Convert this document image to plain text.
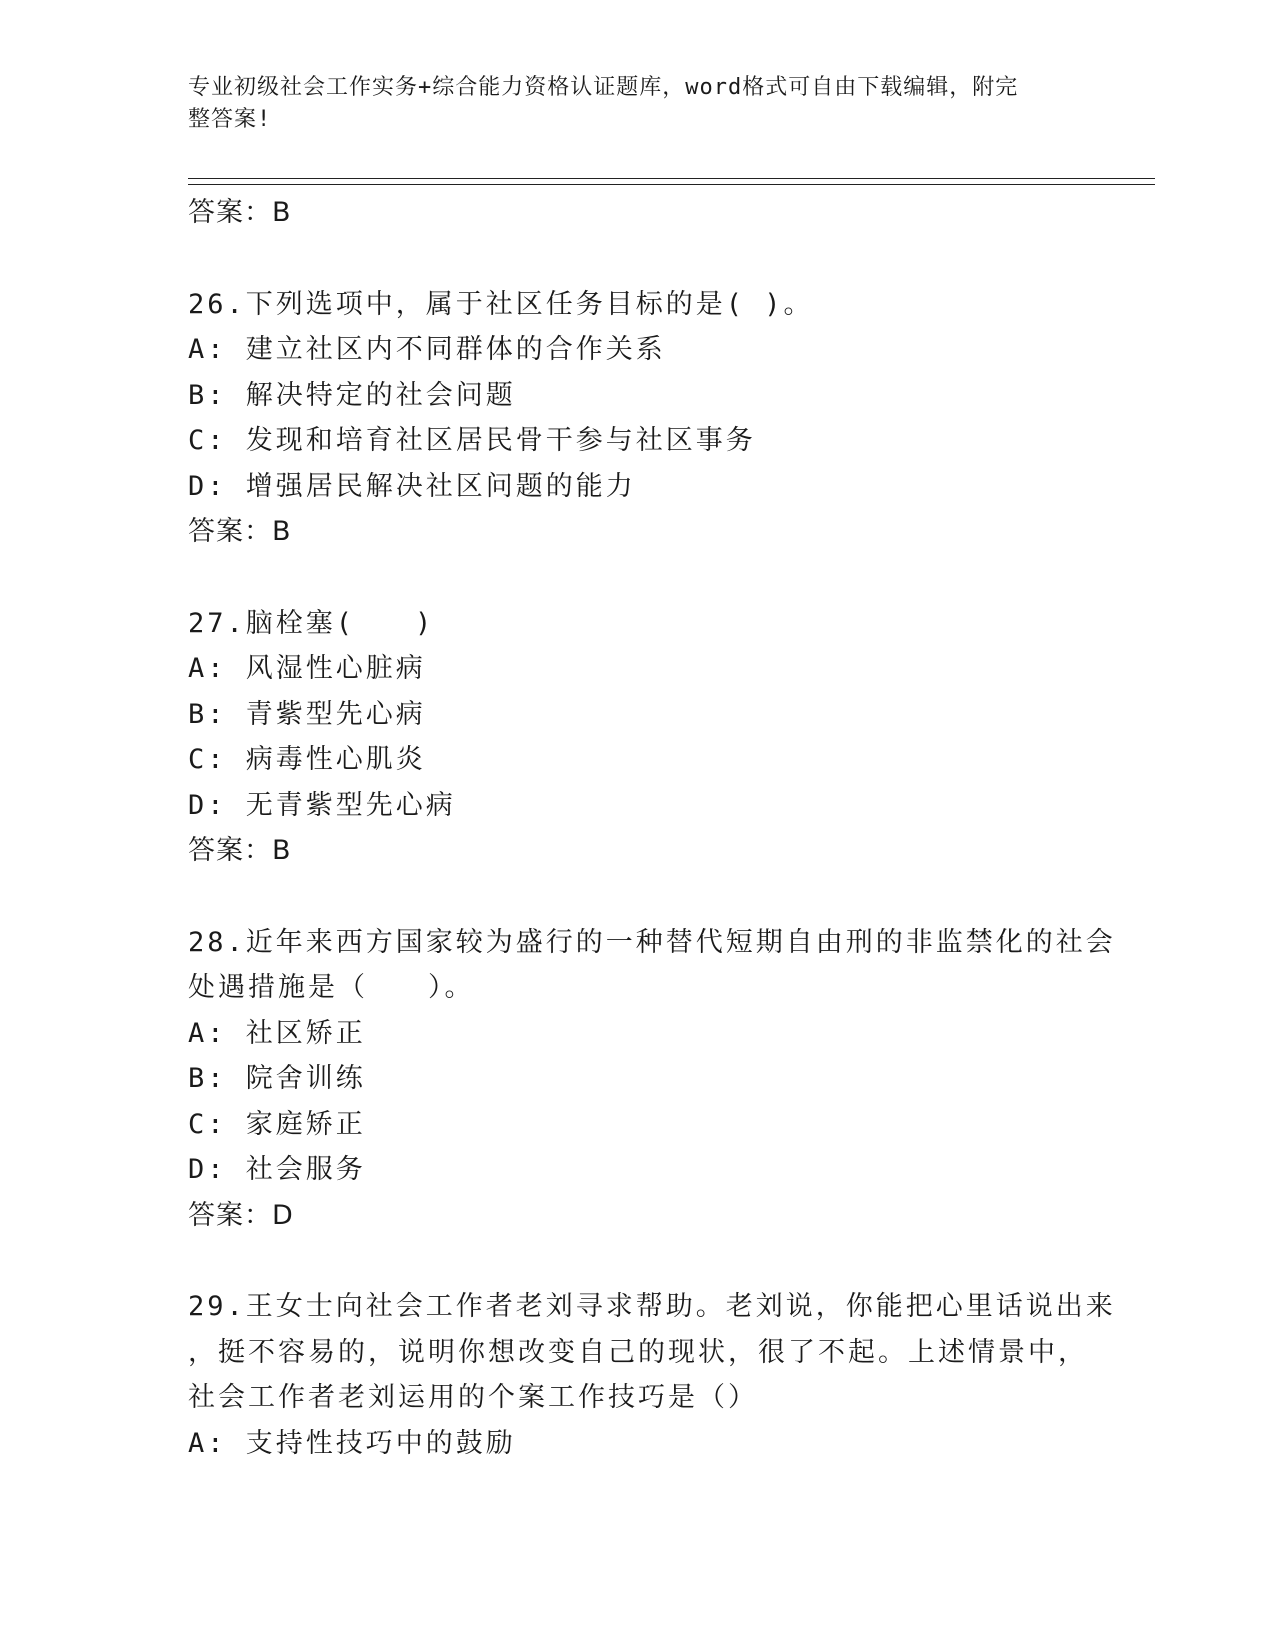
专业初级社会工作实务+综合能力资格认证题库，word格式可自由下载编辑，附完
整答案!
答案：B
26.下列选项中，属于社区任务目标的是( )。
A: 建立社区内不同群体的合作关系
B: 解决特定的社会问题
C: 发现和培育社区居民骨干参与社区事务
D: 增强居民解决社区问题的能力
答案：B
27.脑栓塞(　　)
A: 风湿性心脏病
B: 青紫型先心病
C: 病毒性心肌炎
D: 无青紫型先心病
答案：B
28.近年来西方国家较为盛行的一种替代短期自由刑的非监禁化的社会
处遇措施是（　　）。
A: 社区矫正
B: 院舍训练
C: 家庭矫正
D: 社会服务
答案：D
29.王女士向社会工作者老刘寻求帮助。老刘说，你能把心里话说出来
，挺不容易的，说明你想改变自己的现状，很了不起。上述情景中，
社会工作者老刘运用的个案工作技巧是（）
A: 支持性技巧中的鼓励
